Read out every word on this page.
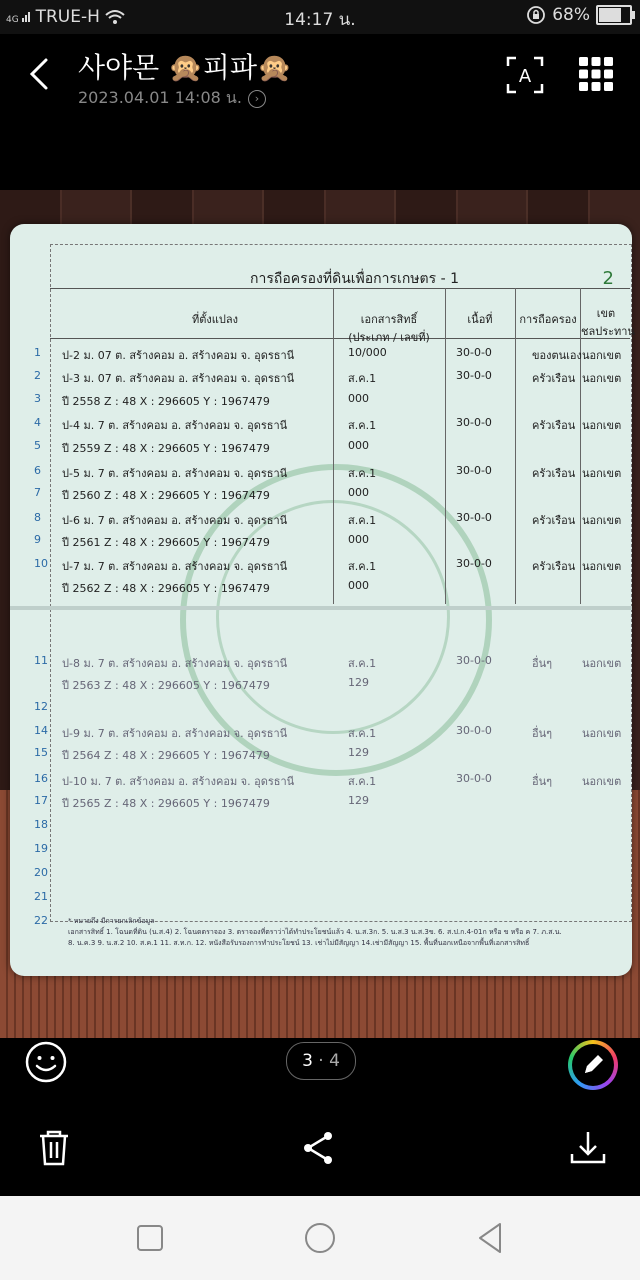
4G TRUE-H	14:17 น.	68%
사야몬 🙊피파🙊
2023.04.01 14:08 น.	›
A
การถือครองที่ดินเพื่อการเกษตร - 1	2
ที่ตั้งแปลง	เอกสารสิทธิ์
(ประเภท / เลขที่)
เนื้อที่	การถือครอง	เขต
ชลประทาน
1 ป-2 ม. 07 ต. สร้างคอม อ. สร้างคอม จ. อุดรธานี	10/000	30-0-0	ของตนเอง นอกเขต
2 ป-3 ม. 07 ต. สร้างคอม อ. สร้างคอม จ. อุดรธานี	ส.ค.1	30-0-0	ครัวเรือน นอกเขต
3 ปี 2558 Z : 48 X : 296605 Y : 1967479	000
4 ป-4 ม. 7 ต. สร้างคอม อ. สร้างคอม จ. อุดรธานี	ส.ค.1	30-0-0	ครัวเรือน นอกเขต
5 ปี 2559 Z : 48 X : 296605 Y : 1967479	000
6 ป-5 ม. 7 ต. สร้างคอม อ. สร้างคอม จ. อุดรธานี	ส.ค.1	30-0-0	ครัวเรือน นอกเขต
7 ปี 2560 Z : 48 X : 296605 Y : 1967479	000
8 ป-6 ม. 7 ต. สร้างคอม อ. สร้างคอม จ. อุดรธานี	ส.ค.1	30-0-0	ครัวเรือน นอกเขต
9 ปี 2561 Z : 48 X : 296605 Y : 1967479	000
10 ป-7 ม. 7 ต. สร้างคอม อ. สร้างคอม จ. อุดรธานี	ส.ค.1	30-0-0	ครัวเรือน นอกเขต
ปี 2562 Z : 48 X : 296605 Y : 1967479	000
11 ป-8 ม. 7 ต. สร้างคอม อ. สร้างคอม จ. อุดรธานี	ส.ค.1	30-0-0	อื่นๆ	นอกเขต
ปี 2563 Z : 48 X : 296605 Y : 1967479	129
12
14 ป-9 ม. 7 ต. สร้างคอม อ. สร้างคอม จ. อุดรธานี	ส.ค.1	30-0-0	อื่นๆ	นอกเขต
15 ปี 2564 Z : 48 X : 296605 Y : 1967479	129
16 ป-10 ม. 7 ต. สร้างคอม อ. สร้างคอม จ. อุดรธานี	ส.ค.1	30-0-0	อื่นๆ	นอกเขต
17 ปี 2565 Z : 48 X : 296605 Y : 1967479	129
18
19
20
21
22	* หมายถึง มีการยกเลิกข้อมูล
เอกสารสิทธิ์ 1. โฉนดที่ดิน (น.ส.4) 2. โฉนดตราจอง 3. ตราจองที่ตราว่าได้ทำประโยชน์แล้ว 4. น.ส.3ก. 5. น.ส.3 น.ส.3ข. 6. ส.ป.ก.4-01ก หรือ ข หรือ ค 7. ภ.ส.น.
8. น.ค.3 9. น.ส.2 10. ส.ค.1 11. ส.ท.ก. 12. หนังสือรับรองการทำประโยชน์ 13. เช่าไม่มีสัญญา 14.เช่ามีสัญญา 15. พื้นที่นอกเหนือจากพื้นที่เอกสารสิทธิ์
3 · 4
